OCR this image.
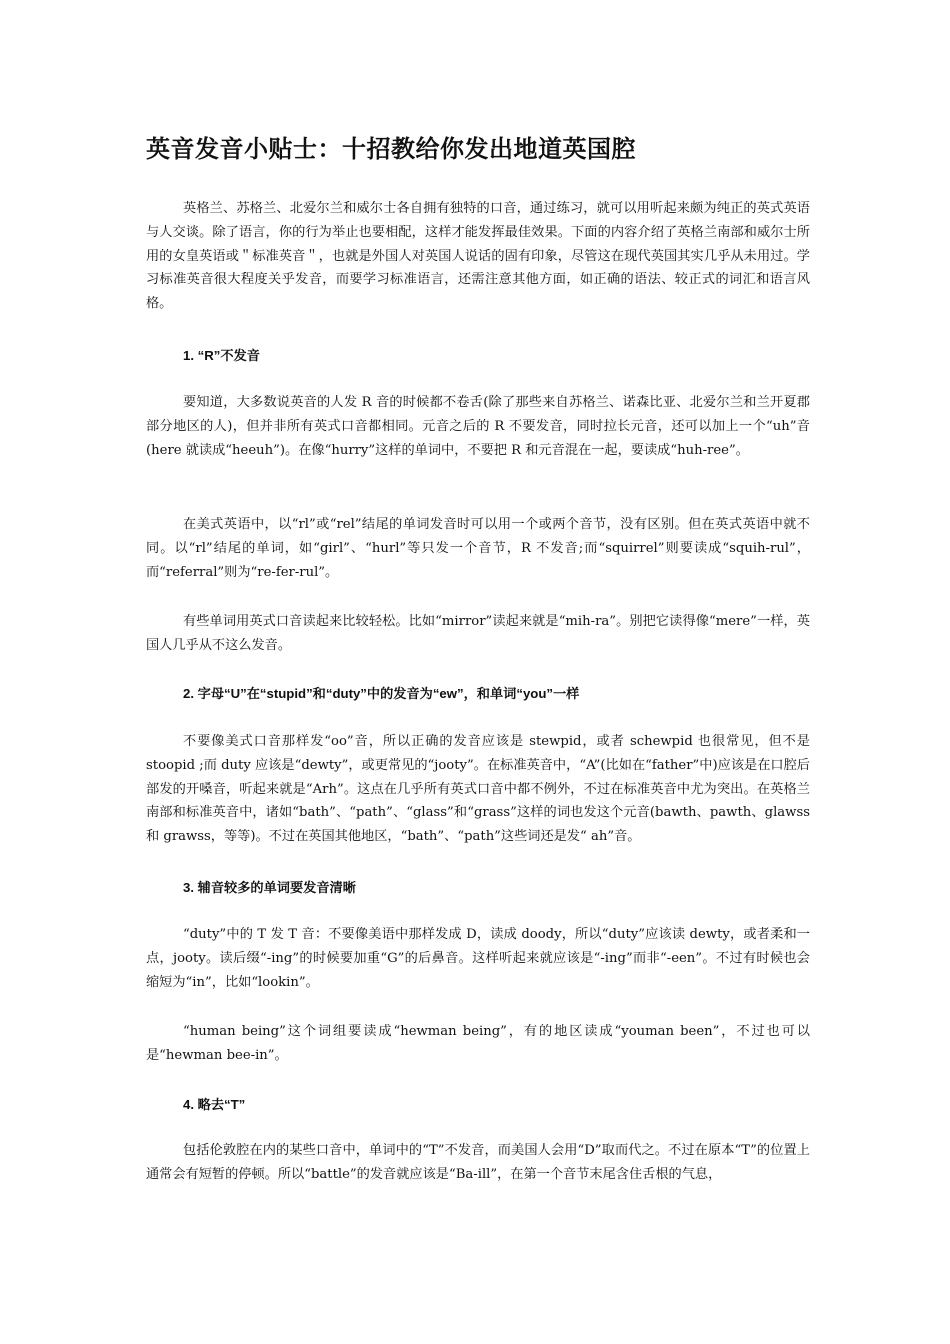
英音发音小贴士：十招教给你发出地道英国腔
英格兰、苏格兰、北爱尔兰和威尔士各自拥有独特的口音，通过练习，就可以用听起来颇为纯正的英式英语与人交谈。除了语言，你的行为举止也要相配，这样才能发挥最佳效果。下面的内容介绍了英格兰南部和威尔士所用的女皇英语或＂标准英音＂，也就是外国人对英国人说话的固有印象，尽管这在现代英国其实几乎从未用过。学习标准英音很大程度关乎发音，而要学习标准语言，还需注意其他方面，如正确的语法、较正式的词汇和语言风格。
1. “R”不发音
要知道，大多数说英音的人发 R 音的时候都不卷舌(除了那些来自苏格兰、诺森比亚、北爱尔兰和兰开夏郡部分地区的人)，但并非所有英式口音都相同。元音之后的 R 不要发音，同时拉长元音，还可以加上一个“uh”音(here 就读成“heeuh”)。在像“hurry”这样的单词中，不要把 R 和元音混在一起，要读成“huh-ree”。
在美式英语中，以“rl”或“rel”结尾的单词发音时可以用一个或两个音节，没有区别。但在英式英语中就不同。以“rl”结尾的单词，如“girl”、“hurl”等只发一个音节，R 不发音;而“squirrel”则要读成“squih-rul”，而“referral”则为“re-fer-rul”。
有些单词用英式口音读起来比较轻松。比如“mirror”读起来就是“mih-ra”。别把它读得像“mere”一样，英国人几乎从不这么发音。
2. 字母“U”在“stupid”和“duty”中的发音为“ew”，和单词“you”一样
不要像美式口音那样发“oo”音，所以正确的发音应该是 stewpid，或者 schewpid 也很常见，但不是 stoopid ;而 duty 应该是“dewty”，或更常见的“jooty”。在标准英音中，“A”(比如在“father”中)应该是在口腔后部发的开嗓音，听起来就是“Arh”。这点在几乎所有英式口音中都不例外，不过在标准英音中尤为突出。在英格兰南部和标准英音中，诸如“bath”、“path”、“glass”和“grass”这样的词也发这个元音(bawth、pawth、glawss 和 grawss，等等)。不过在英国其他地区，“bath”、“path”这些词还是发“ ah”音。
3. 辅音较多的单词要发音清晰
“duty”中的 T 发 T 音：不要像美语中那样发成 D，读成 doody，所以“duty”应该读 dewty，或者柔和一点，jooty。读后缀“-ing”的时候要加重“G”的后鼻音。这样听起来就应该是“-ing”而非“-een”。不过有时候也会缩短为“in”，比如“lookin”。
“human being”这个词组要读成“hewman being”，有的地区读成“youman been”，不过也可以是“hewman bee-in”。
4. 略去“T”
包括伦敦腔在内的某些口音中，单词中的“T”不发音，而美国人会用“D”取而代之。不过在原本“T”的位置上通常会有短暂的停顿。所以“battle”的发音就应该是“Ba-ill”，在第一个音节末尾含住舌根的气息，
